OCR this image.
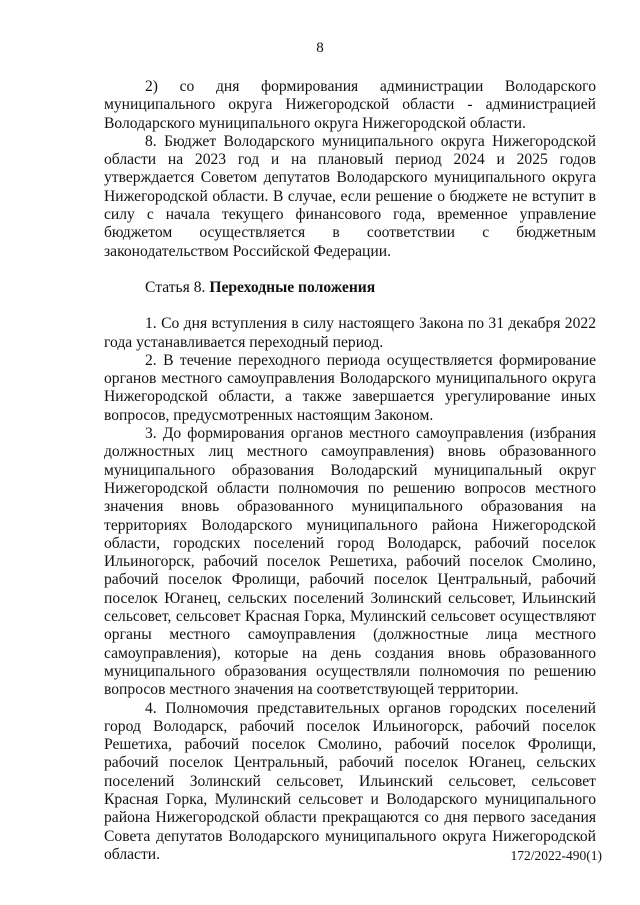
8

2) со дня формирования администрации Володарского муниципального округа Нижегородской области - администрацией Володарского муниципального округа Нижегородской области.

8. Бюджет Володарского муниципального округа Нижегородской области на 2023 год и на плановый период 2024 и 2025 годов утверждается Советом депутатов Володарского муниципального округа Нижегородской области. В случае, если решение о бюджете не вступит в силу с начала текущего финансового года, временное управление бюджетом осуществляется в соответствии с бюджетным законодательством Российской Федерации.

Статья 8. Переходные положения

1. Со дня вступления в силу настоящего Закона по 31 декабря 2022 года устанавливается переходный период.

2. В течение переходного периода осуществляется формирование органов местного самоуправления Володарского муниципального округа Нижегородской области, а также завершается урегулирование иных вопросов, предусмотренных настоящим Законом.

3. До формирования органов местного самоуправления (избрания должностных лиц местного самоуправления) вновь образованного муниципального образования Володарский муниципальный округ Нижегородской области полномочия по решению вопросов местного значения вновь образованного муниципального образования на территориях Володарского муниципального района Нижегородской области, городских поселений город Володарск, рабочий поселок Ильиногорск, рабочий поселок Решетиха, рабочий поселок Смолино, рабочий поселок Фролищи, рабочий поселок Центральный, рабочий поселок Юганец, сельских поселений Золинский сельсовет, Ильинский сельсовет, сельсовет Красная Горка, Мулинский сельсовет осуществляют органы местного самоуправления (должностные лица местного самоуправления), которые на день создания вновь образованного муниципального образования осуществляли полномочия по решению вопросов местного значения на соответствующей территории.

4. Полномочия представительных органов городских поселений город Володарск, рабочий поселок Ильиногорск, рабочий поселок Решетиха, рабочий поселок Смолино, рабочий поселок Фролищи, рабочий поселок Центральный, рабочий поселок Юганец, сельских поселений Золинский сельсовет, Ильинский сельсовет, сельсовет Красная Горка, Мулинский сельсовет и Володарского муниципального района Нижегородской области прекращаются со дня первого заседания Совета депутатов Володарского муниципального округа Нижегородской области.	172/2022-490(1)
